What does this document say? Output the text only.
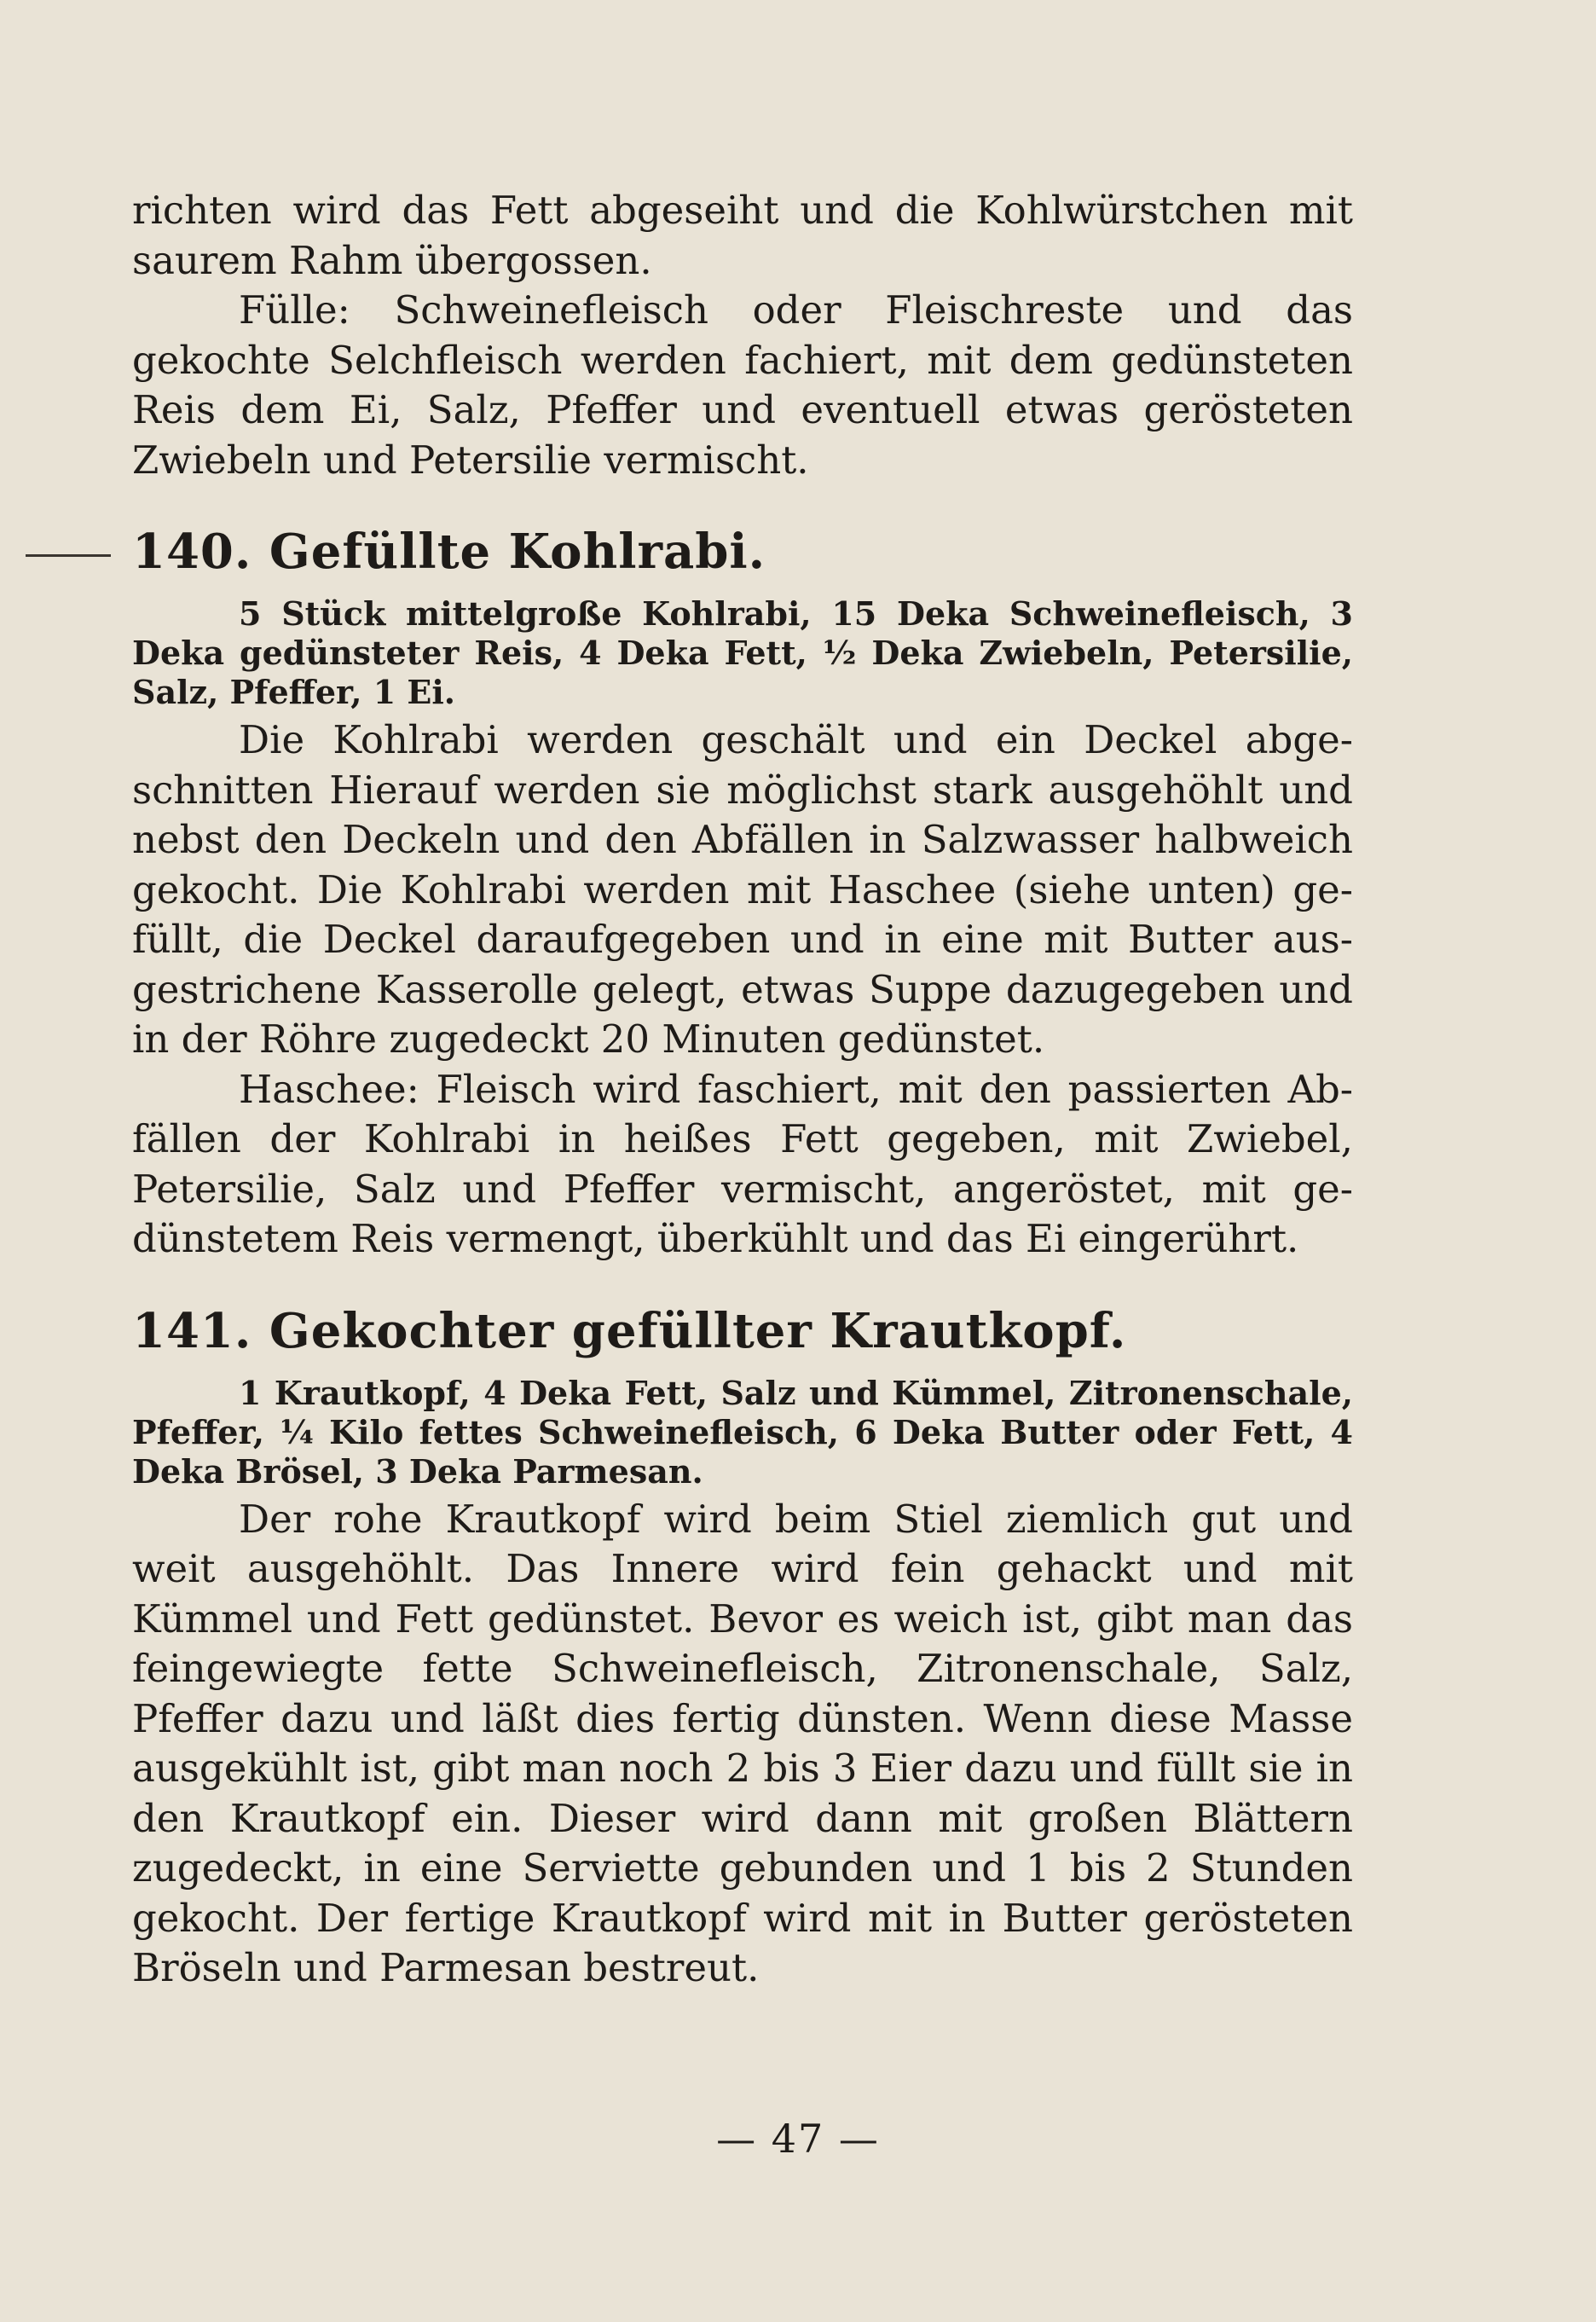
richten wird das Fett abgeseiht und die Kohlwürstchen mit saurem Rahm übergossen.

Fülle: Schweinefleisch oder Fleischreste und das gekochte Selchfleisch werden fachiert, mit dem gedünsteten Reis dem Ei, Salz, Pfeffer und eventuell etwas gerösteten Zwiebeln und Petersilie vermischt.

140. Gefüllte Kohlrabi.

5 Stück mittelgroße Kohlrabi, 15 Deka Schweinefleisch, 3 Deka gedünsteter Reis, 4 Deka Fett, ½ Deka Zwiebeln, Petersilie, Salz, Pfeffer, 1 Ei.

Die Kohlrabi werden geschält und ein Deckel abgeschnitten Hierauf werden sie möglichst stark ausgehöhlt und nebst den Deckeln und den Abfällen in Salzwasser halbweich gekocht. Die Kohlrabi werden mit Haschee (siehe unten) gefüllt, die Deckel daraufgegeben und in eine mit Butter ausgestrichene Kasserolle gelegt, etwas Suppe dazugegeben und in der Röhre zugedeckt 20 Minuten gedünstet.

Haschee: Fleisch wird faschiert, mit den passierten Abfällen der Kohlrabi in heißes Fett gegeben, mit Zwiebel, Petersilie, Salz und Pfeffer vermischt, angeröstet, mit gedünstetem Reis vermengt, überkühlt und das Ei eingerührt.

141. Gekochter gefüllter Krautkopf.

1 Krautkopf, 4 Deka Fett, Salz und Kümmel, Zitronenschale, Pfeffer, ¼ Kilo fettes Schweinefleisch, 6 Deka Butter oder Fett, 4 Deka Brösel, 3 Deka Parmesan.

Der rohe Krautkopf wird beim Stiel ziemlich gut und weit ausgehöhlt. Das Innere wird fein gehackt und mit Kümmel und Fett gedünstet. Bevor es weich ist, gibt man das feingewiegte fette Schweinefleisch, Zitronenschale, Salz, Pfeffer dazu und läßt dies fertig dünsten. Wenn diese Masse ausgekühlt ist, gibt man noch 2 bis 3 Eier dazu und füllt sie in den Krautkopf ein. Dieser wird dann mit großen Blättern zugedeckt, in eine Serviette gebunden und 1 bis 2 Stunden gekocht. Der fertige Krautkopf wird mit in Butter gerösteten Bröseln und Parmesan bestreut.

— 47 —
